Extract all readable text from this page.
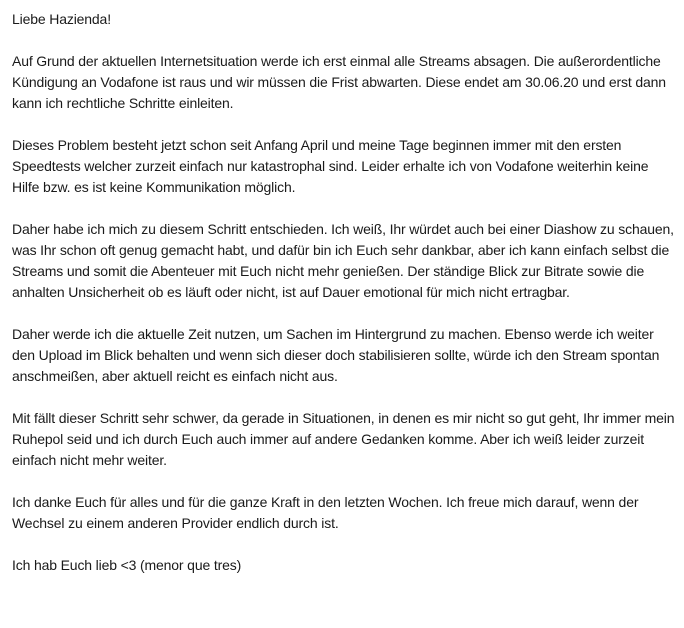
Liebe Hazienda!

Auf Grund der aktuellen Internetsituation werde ich erst einmal alle Streams absagen. Die außerordentliche Kündigung an Vodafone ist raus und wir müssen die Frist abwarten. Diese endet am 30.06.20 und erst dann kann ich rechtliche Schritte einleiten.

Dieses Problem besteht jetzt schon seit Anfang April und meine Tage beginnen immer mit den ersten Speedtests welcher zurzeit einfach nur katastrophal sind. Leider erhalte ich von Vodafone weiterhin keine Hilfe bzw. es ist keine Kommunikation möglich.

Daher habe ich mich zu diesem Schritt entschieden. Ich weiß, Ihr würdet auch bei einer Diashow zu schauen, was Ihr schon oft genug gemacht habt, und dafür bin ich Euch sehr dankbar, aber ich kann einfach selbst die Streams und somit die Abenteuer mit Euch nicht mehr genießen. Der ständige Blick zur Bitrate sowie die anhalten Unsicherheit ob es läuft oder nicht, ist auf Dauer emotional für mich nicht ertragbar.

Daher werde ich die aktuelle Zeit nutzen, um Sachen im Hintergrund zu machen. Ebenso werde ich weiter den Upload im Blick behalten und wenn sich dieser doch stabilisieren sollte, würde ich den Stream spontan anschmeißen, aber aktuell reicht es einfach nicht aus.

Mit fällt dieser Schritt sehr schwer, da gerade in Situationen, in denen es mir nicht so gut geht, Ihr immer mein Ruhepol seid und ich durch Euch auch immer auf andere Gedanken komme. Aber ich weiß leider zurzeit einfach nicht mehr weiter.

Ich danke Euch für alles und für die ganze Kraft in den letzten Wochen. Ich freue mich darauf, wenn der Wechsel zu einem anderen Provider endlich durch ist.

Ich hab Euch lieb <3 (menor que tres)
